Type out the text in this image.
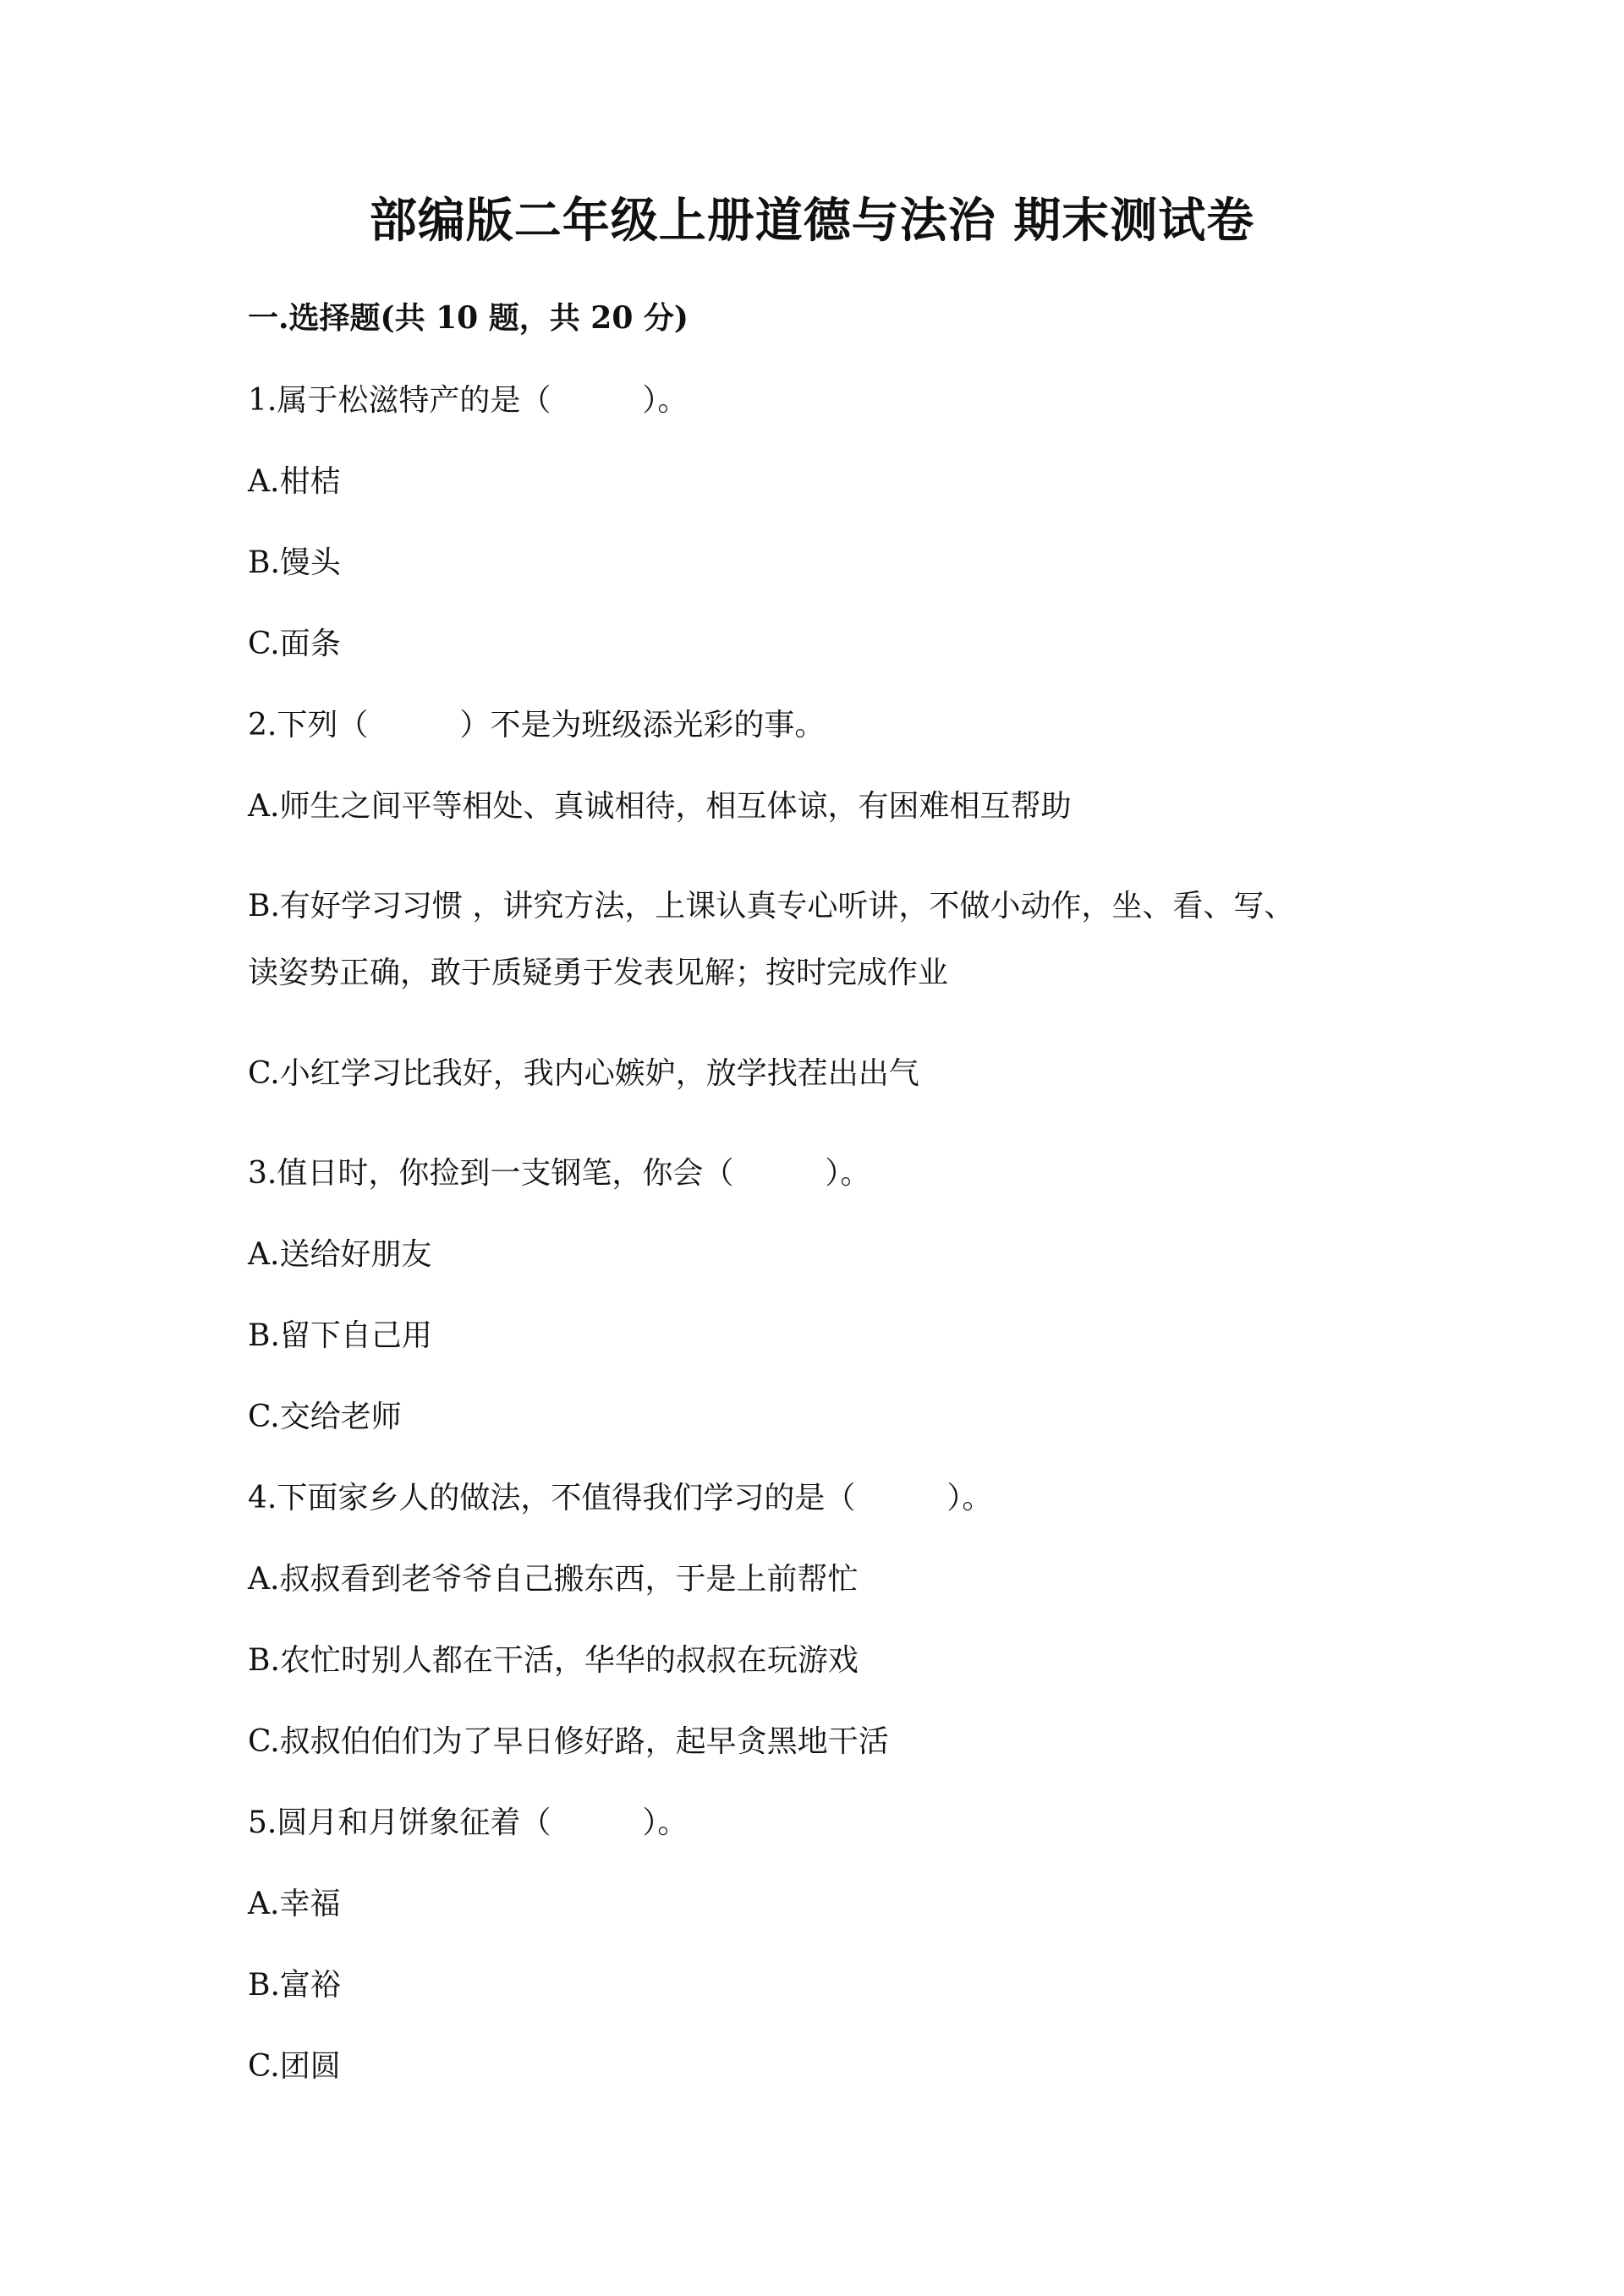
部编版二年级上册道德与法治 期末测试卷
一.选择题(共 10 题，共 20 分)
1.属于松滋特产的是（　　　）。
A.柑桔
B.馒头
C.面条
2.下列（　　　）不是为班级添光彩的事。
A.师生之间平等相处、真诚相待，相互体谅，有困难相互帮助
B.有好学习习惯 ，讲究方法，上课认真专心听讲，不做小动作，坐、看、写、
读姿势正确，敢于质疑勇于发表见解；按时完成作业
C.小红学习比我好，我内心嫉妒，放学找茬出出气
3.值日时，你捡到一支钢笔，你会（　　　）。
A.送给好朋友
B.留下自己用
C.交给老师
4.下面家乡人的做法，不值得我们学习的是（　　　）。
A.叔叔看到老爷爷自己搬东西，于是上前帮忙
B.农忙时别人都在干活，华华的叔叔在玩游戏
C.叔叔伯伯们为了早日修好路，起早贪黑地干活
5.圆月和月饼象征着（　　　）。
A.幸福
B.富裕
C.团圆
